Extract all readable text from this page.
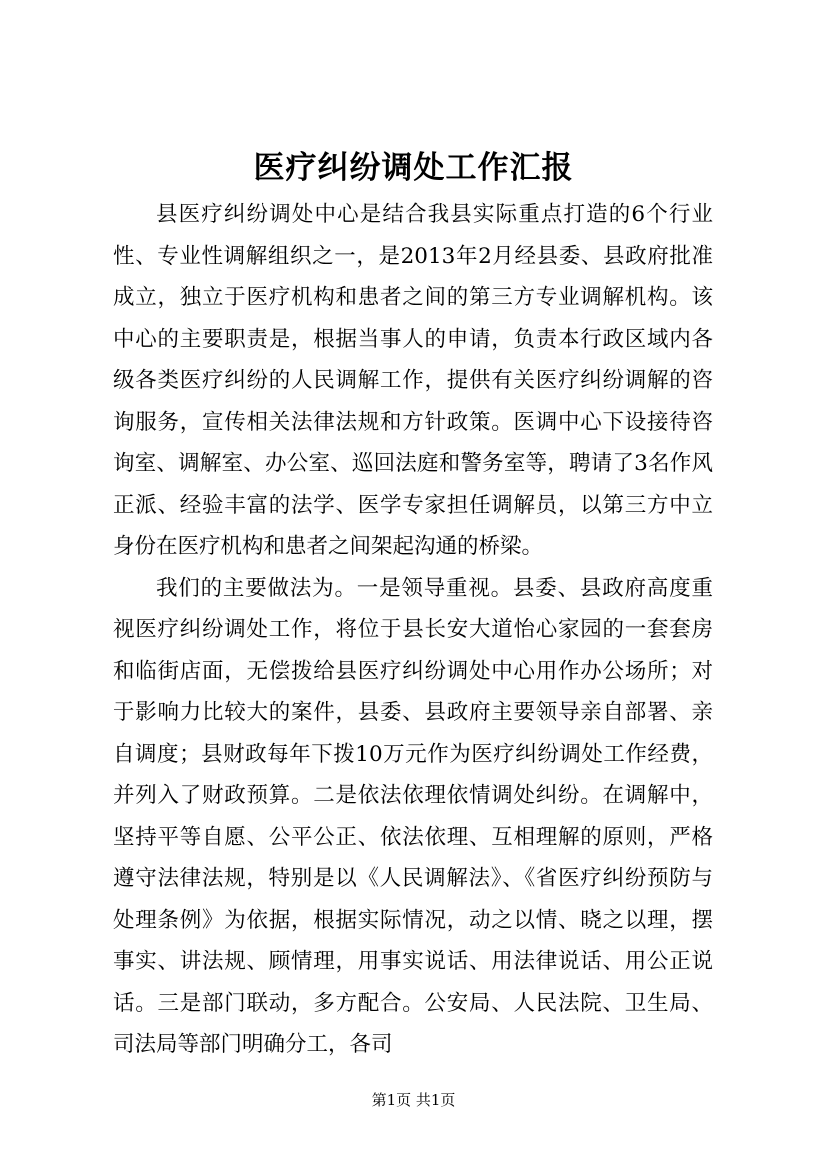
医疗纠纷调处工作汇报

县医疗纠纷调处中心是结合我县实际重点打造的6个行业性、专业性调解组织之一，是2013年2月经县委、县政府批准成立，独立于医疗机构和患者之间的第三方专业调解机构。该中心的主要职责是，根据当事人的申请，负责本行政区域内各级各类医疗纠纷的人民调解工作，提供有关医疗纠纷调解的咨询服务，宣传相关法律法规和方针政策。医调中心下设接待咨询室、调解室、办公室、巡回法庭和警务室等，聘请了3名作风正派、经验丰富的法学、医学专家担任调解员，以第三方中立身份在医疗机构和患者之间架起沟通的桥梁。

我们的主要做法为。一是领导重视。县委、县政府高度重视医疗纠纷调处工作，将位于县长安大道怡心家园的一套套房和临街店面，无偿拨给县医疗纠纷调处中心用作办公场所；对于影响力比较大的案件，县委、县政府主要领导亲自部署、亲自调度；县财政每年下拨10万元作为医疗纠纷调处工作经费，并列入了财政预算。二是依法依理依情调处纠纷。在调解中，坚持平等自愿、公平公正、依法依理、互相理解的原则，严格遵守法律法规，特别是以《人民调解法》、《省医疗纠纷预防与处理条例》为依据，根据实际情况，动之以情、晓之以理，摆事实、讲法规、顾情理，用事实说话、用法律说话、用公正说话。三是部门联动，多方配合。公安局、人民法院、卫生局、司法局等部门明确分工，各司

第1页 共1页
